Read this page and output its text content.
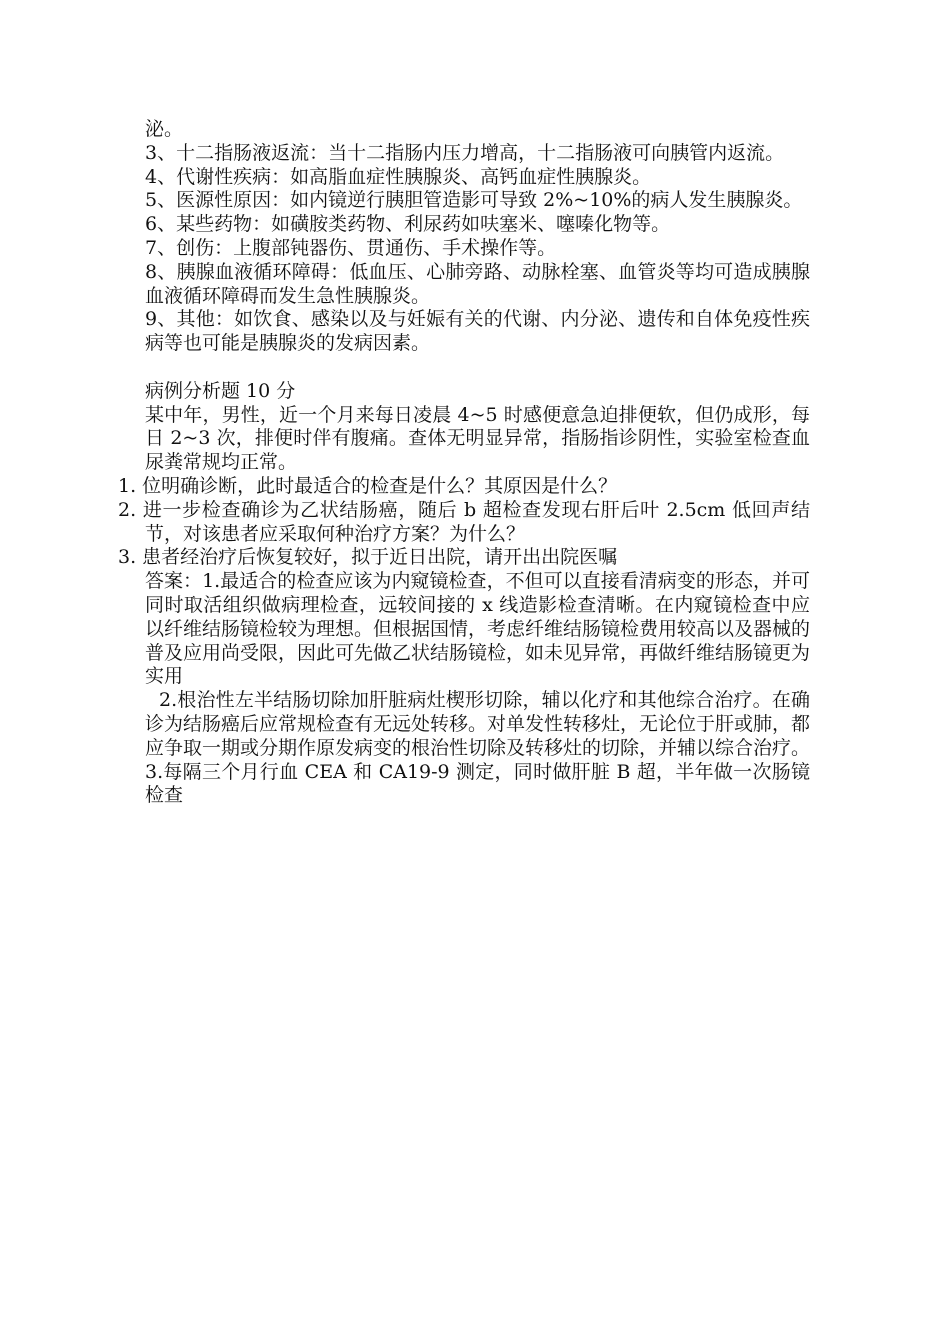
泌。

3、十二指肠液返流：当十二指肠内压力增高，十二指肠液可向胰管内返流。

4、代谢性疾病：如高脂血症性胰腺炎、高钙血症性胰腺炎。

5、医源性原因：如内镜逆行胰胆管造影可导致 2%~10%的病人发生胰腺炎。

6、某些药物：如磺胺类药物、利尿药如呋塞米、噻嗪化物等。

7、创伤：上腹部钝器伤、贯通伤、手术操作等。

8、胰腺血液循环障碍：低血压、心肺旁路、动脉栓塞、血管炎等均可造成胰腺血液循环障碍而发生急性胰腺炎。

9、其他：如饮食、感染以及与妊娠有关的代谢、内分泌、遗传和自体免疫性疾病等也可能是胰腺炎的发病因素。

病例分析题 10 分

某中年，男性，近一个月来每日凌晨 4~5 时感便意急迫排便软，但仍成形，每日 2~3 次，排便时伴有腹痛。查体无明显异常，指肠指诊阴性，实验室检查血尿粪常规均正常。

1. 位明确诊断，此时最适合的检查是什么？其原因是什么？

2. 进一步检查确诊为乙状结肠癌，随后 b 超检查发现右肝后叶 2.5cm 低回声结节，对该患者应采取何种治疗方案？为什么？

3. 患者经治疗后恢复较好，拟于近日出院，请开出出院医嘱

答案：1.最适合的检查应该为内窥镜检查，不但可以直接看清病变的形态，并可同时取活组织做病理检查，远较间接的 x 线造影检查清晰。在内窥镜检查中应以纤维结肠镜检较为理想。但根据国情，考虑纤维结肠镜检费用较高以及器械的普及应用尚受限，因此可先做乙状结肠镜检，如未见异常，再做纤维结肠镜更为实用

2.根治性左半结肠切除加肝脏病灶楔形切除，辅以化疗和其他综合治疗。在确诊为结肠癌后应常规检查有无远处转移。对单发性转移灶，无论位于肝或肺，都应争取一期或分期作原发病变的根治性切除及转移灶的切除，并辅以综合治疗。

3.每隔三个月行血 CEA 和 CA19-9 测定，同时做肝脏 B 超，半年做一次肠镜检查
